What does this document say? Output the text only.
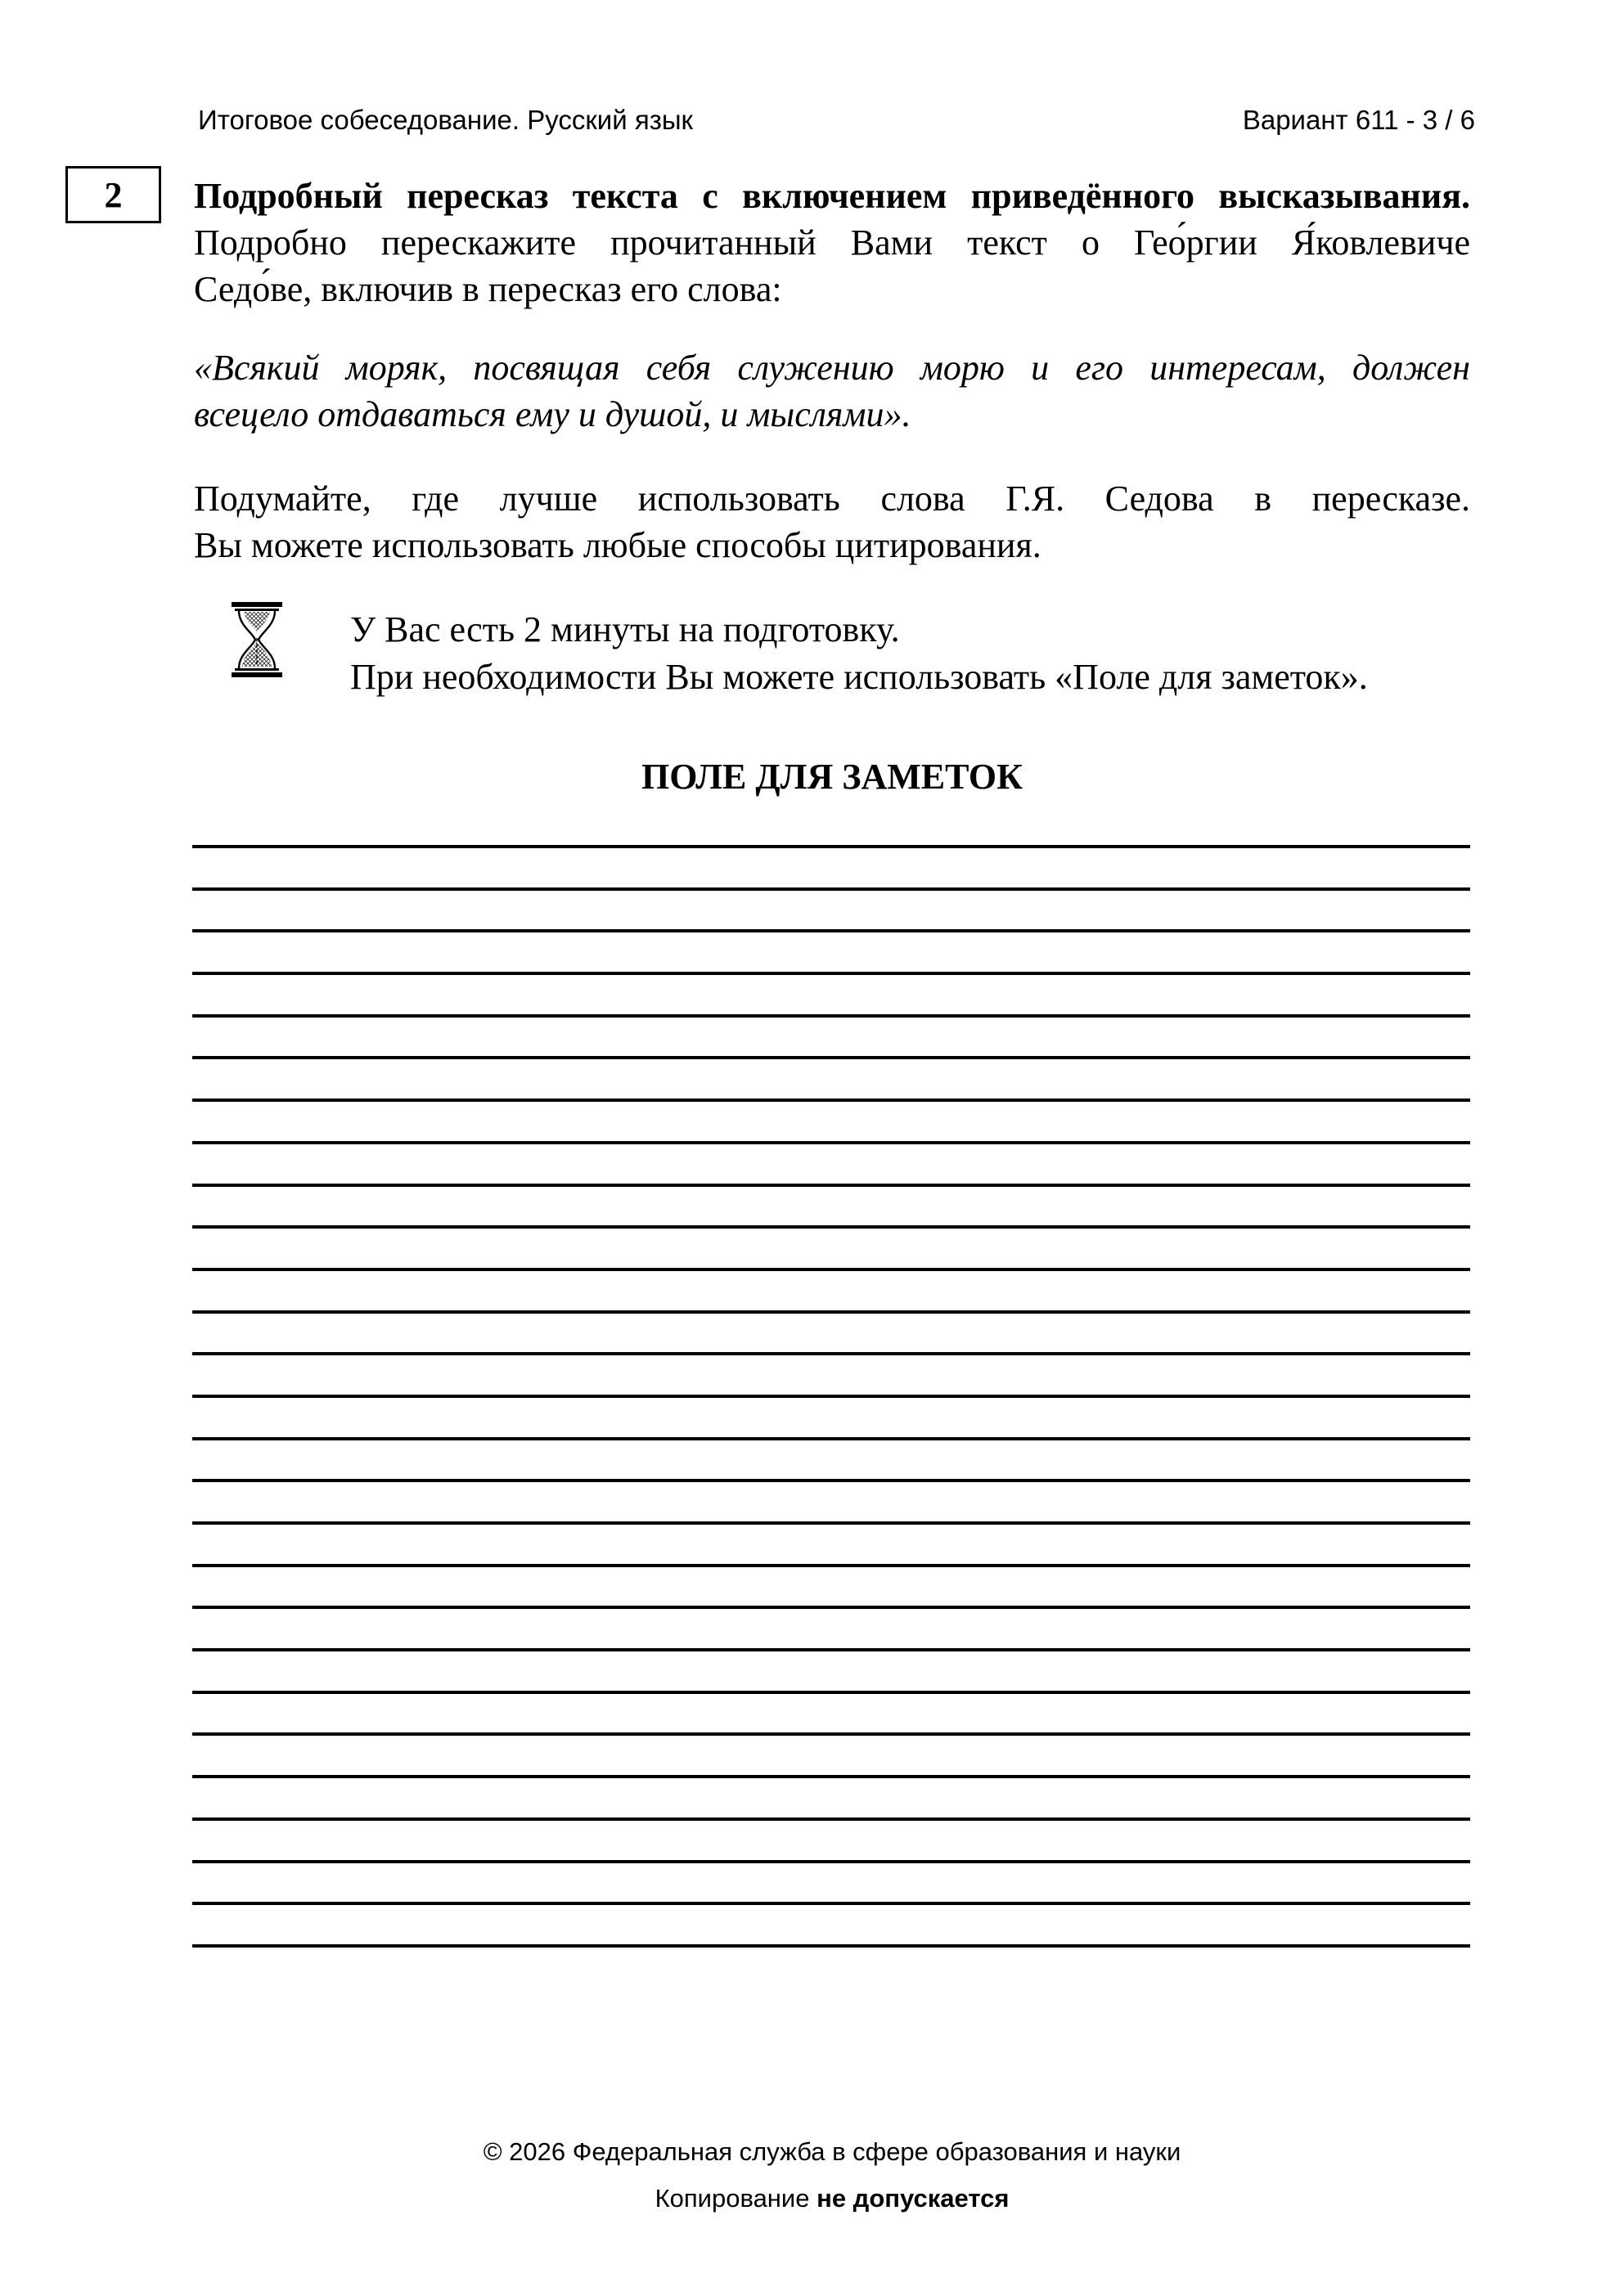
Итоговое собеседование. Русский язык	Вариант 611 - 3 / 6
2 Подробный пересказ текста с включением приведённого высказывания.
Подробно перескажите прочитанный Вами текст о Гео́ргии Я́ковлевиче
Седо́ве, включив в пересказ его слова:
«Всякий моряк, посвящая себя служению морю и его интересам, должен
всецело отдаваться ему и душой, и мыслями».
Подумайте, где лучше использовать слова Г.Я. Седова в пересказе.
Вы можете использовать любые способы цитирования.
У Вас есть 2 минуты на подготовку.
При необходимости Вы можете использовать «Поле для заметок».
ПОЛЕ ДЛЯ ЗАМЕТОК
© 2026 Федеральная служба в сфере образования и науки
Копирование не допускается
